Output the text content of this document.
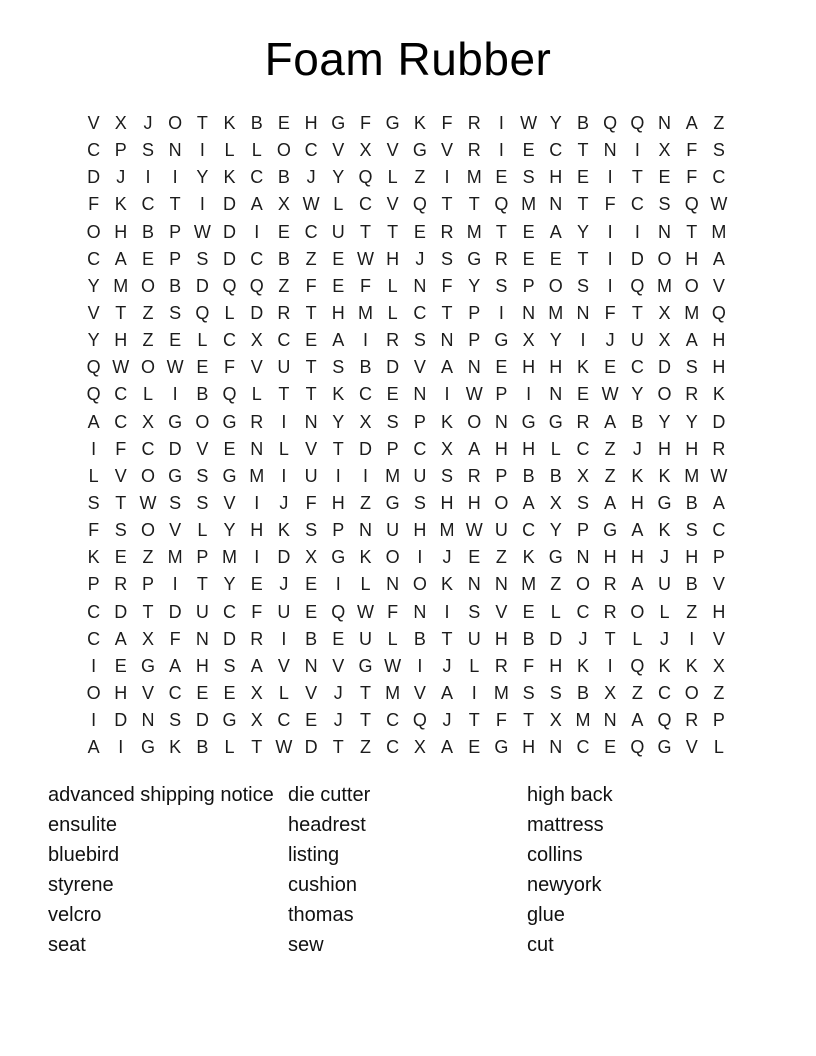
Foam Rubber
V X J O T K B E H G F G K F R	I W Y B Q Q N A Z
C P S N	I	L L O C V X V G V R	I	E C T N	I	X F S
D J	I	I	Y K C B J Y Q L Z	I M E S H E	I	T E F C
F K C T	I	D A X W L C V Q T T Q M N T F C S Q W
O H B P W D	I	E C U T T E R M T E A Y	I	I	N T M
C A E P S D C B Z E W H J S G R E E T	I	D O H A
Y M O B D Q Q Z F E F L N F Y S P O S	I Q M O V
V T Z S Q L D R T H M L C T P	I	N M N F T X M Q
Y H Z E L C X C E A	I	R S N P G X Y	I	J U X A H
Q W O W E F V U T S B D V A N E H H K E C D S H
Q C L	I	B Q L T T K C E N	I W P	I	N E W Y O R K
A C X G O G R	I	N Y X S P K O N G G R A B Y Y D
I	F C D V E N L V T D P C X A H H L C Z J H H R
L V O G S G M I	U	I	I M U S R P B B X Z K K M W
S T W S S V	I	J F H Z G S H H O A X S A H G B A
F S O V L Y H K S P N U H M W U C Y P G A K S C
K E Z M P M I	D X G K O I	J E Z K G N H H J H P
P R P	I	T Y E J E	I	L N O K N N M Z O R A U B V
C D T D U C F U E Q W F N	I	S V E L C R O L Z H
C A X F N D R	I	B E U L B T U H B D J T L J	I	V
I	E G A H S A V N V G W I	J L R F H K	I Q K K X
O H V C E E X L V J T M V A	I M S S B X Z C O Z
I	D N S D G X C E J T C Q J T F T X M N A Q R P
A	I G K B L T W D T Z C X A E G H N C E Q G V L
advanced shipping notice
ensulite
bluebird
styrene
velcro
seat
die cutter
headrest
listing
cushion
thomas
sew
high back
mattress
collins
newyork
glue
cut
